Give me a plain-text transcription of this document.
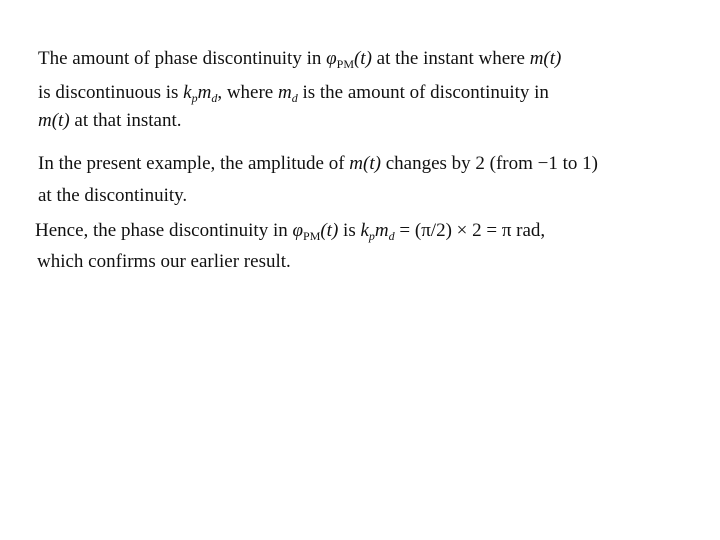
The amount of phase discontinuity in $\varphi_{PM}(t)$ at the instant where m(t)
is discontinuous is $k_pm_d$, where $m_d$ is the amount of discontinuity in
m(t) at that instant.
In the present example, the amplitude of m(t) changes by 2 (from −1 to 1)
at the discontinuity.
Hence, the phase discontinuity in $\varphi_{PM}(t)$ is $k_pm_d = (\pi/2) \times 2 = \pi$ rad,
which confirms our earlier result.
